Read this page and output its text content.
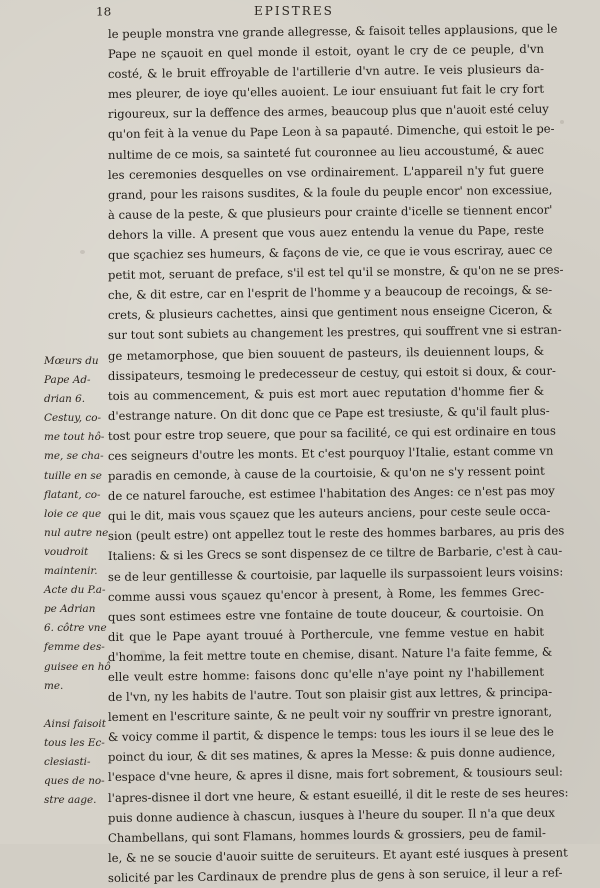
18	EPISTRES
le peuple monstra vne grande allegresse, & faisoit telles applausions, que le
Pape ne sçauoit en quel monde il estoit, oyant le cry de ce peuple, d'vn
costé, & le bruit effroyable de l'artillerie d'vn autre. Ie veis plusieurs da-
mes pleurer, de ioye qu'elles auoient. Le iour ensuiuant fut fait le cry fort
rigoureux, sur la deffence des armes, beaucoup plus que n'auoit esté celuy
qu'on feit à la venue du Pape Leon à sa papauté. Dimenche, qui estoit le pe-
nultime de ce mois, sa sainteté fut couronnee au lieu accoustumé, & auec
les ceremonies desquelles on vse ordinairement. L'appareil n'y fut guere
grand, pour les raisons susdites, & la foule du peuple encor' non excessiue,
à cause de la peste, & que plusieurs pour crainte d'icelle se tiennent encor'
dehors la ville. A present que vous auez entendu la venue du Pape, reste
que sçachiez ses humeurs, & façons de vie, ce que ie vous escriray, auec ce
petit mot, seruant de preface, s'il est tel qu'il se monstre, & qu'on ne se pres-
che, & dit estre, car en l'esprit de l'homme y a beaucoup de recoings, & se-
crets, & plusieurs cachettes, ainsi que gentiment nous enseigne Ciceron, &
sur tout sont subiets au changement les prestres, qui souffrent vne si estran-
ge metamorphose, que bien souuent de pasteurs, ils deuiennent loups, &
dissipateurs, tesmoing le predecesseur de cestuy, qui estoit si doux, & cour-
tois au commencement, & puis est mort auec reputation d'homme fier &
d'estrange nature. On dit donc que ce Pape est tresiuste, & qu'il fault plus-
tost pour estre trop seuere, que pour sa facilité, ce qui est ordinaire en tous
ces seigneurs d'outre les monts. Et c'est pourquoy l'Italie, estant comme vn
paradis en cemonde, à cause de la courtoisie, & qu'on ne s'y ressent point
de ce naturel farouche, est estimee l'habitation des Anges: ce n'est pas moy
qui le dit, mais vous sçauez que les auteurs anciens, pour ceste seule occa-
sion (peult estre) ont appellez tout le reste des hommes barbares, au pris des
Italiens: & si les Grecs se sont dispensez de ce tiltre de Barbarie, c'est à cau-
se de leur gentillesse & courtoisie, par laquelle ils surpassoient leurs voisins:
comme aussi vous sçauez qu'encor à present, à Rome, les femmes Grec-
ques sont estimees estre vne fontaine de toute douceur, & courtoisie. On
dit que le Pape ayant trouué à Porthercule, vne femme vestue en habit
d'homme, la feit mettre toute en chemise, disant. Nature l'a faite femme, &
elle veult estre homme: faisons donc qu'elle n'aye point ny l'habillement
de l'vn, ny les habits de l'autre. Tout son plaisir gist aux lettres, & principa-
lement en l'escriture sainte, & ne peult voir ny souffrir vn prestre ignorant,
& voicy comme il partit, & dispence le temps: tous les iours il se leue des le
poinct du iour, & dit ses matines, & apres la Messe: & puis donne audience,
l'espace d'vne heure, & apres il disne, mais fort sobrement, & tousiours seul:
l'apres-disnee il dort vne heure, & estant esueillé, il dit le reste de ses heures:
puis donne audience à chascun, iusques à l'heure du souper. Il n'a que deux
Chambellans, qui sont Flamans, hommes lourds & grossiers, peu de famil-
le, & ne se soucie d'auoir suitte de seruiteurs. Et ayant esté iusques à present
solicité par les Cardinaux de prendre plus de gens à son seruice, il leur a ref-
Mœurs du
Pape Ad-
drian 6.
Cestuy, co-
me tout hô-
me, se cha-
tuille en se
flatant, co-
loie ce que
nul autre ne
voudroit
maintenir.
Acte du P.a-
pe Adrian
6. côtre vne
femme des-
guisee en hô
me.
Ainsi faisoit
tous les Ec-
clesiasti-
ques de no-
stre aage.
